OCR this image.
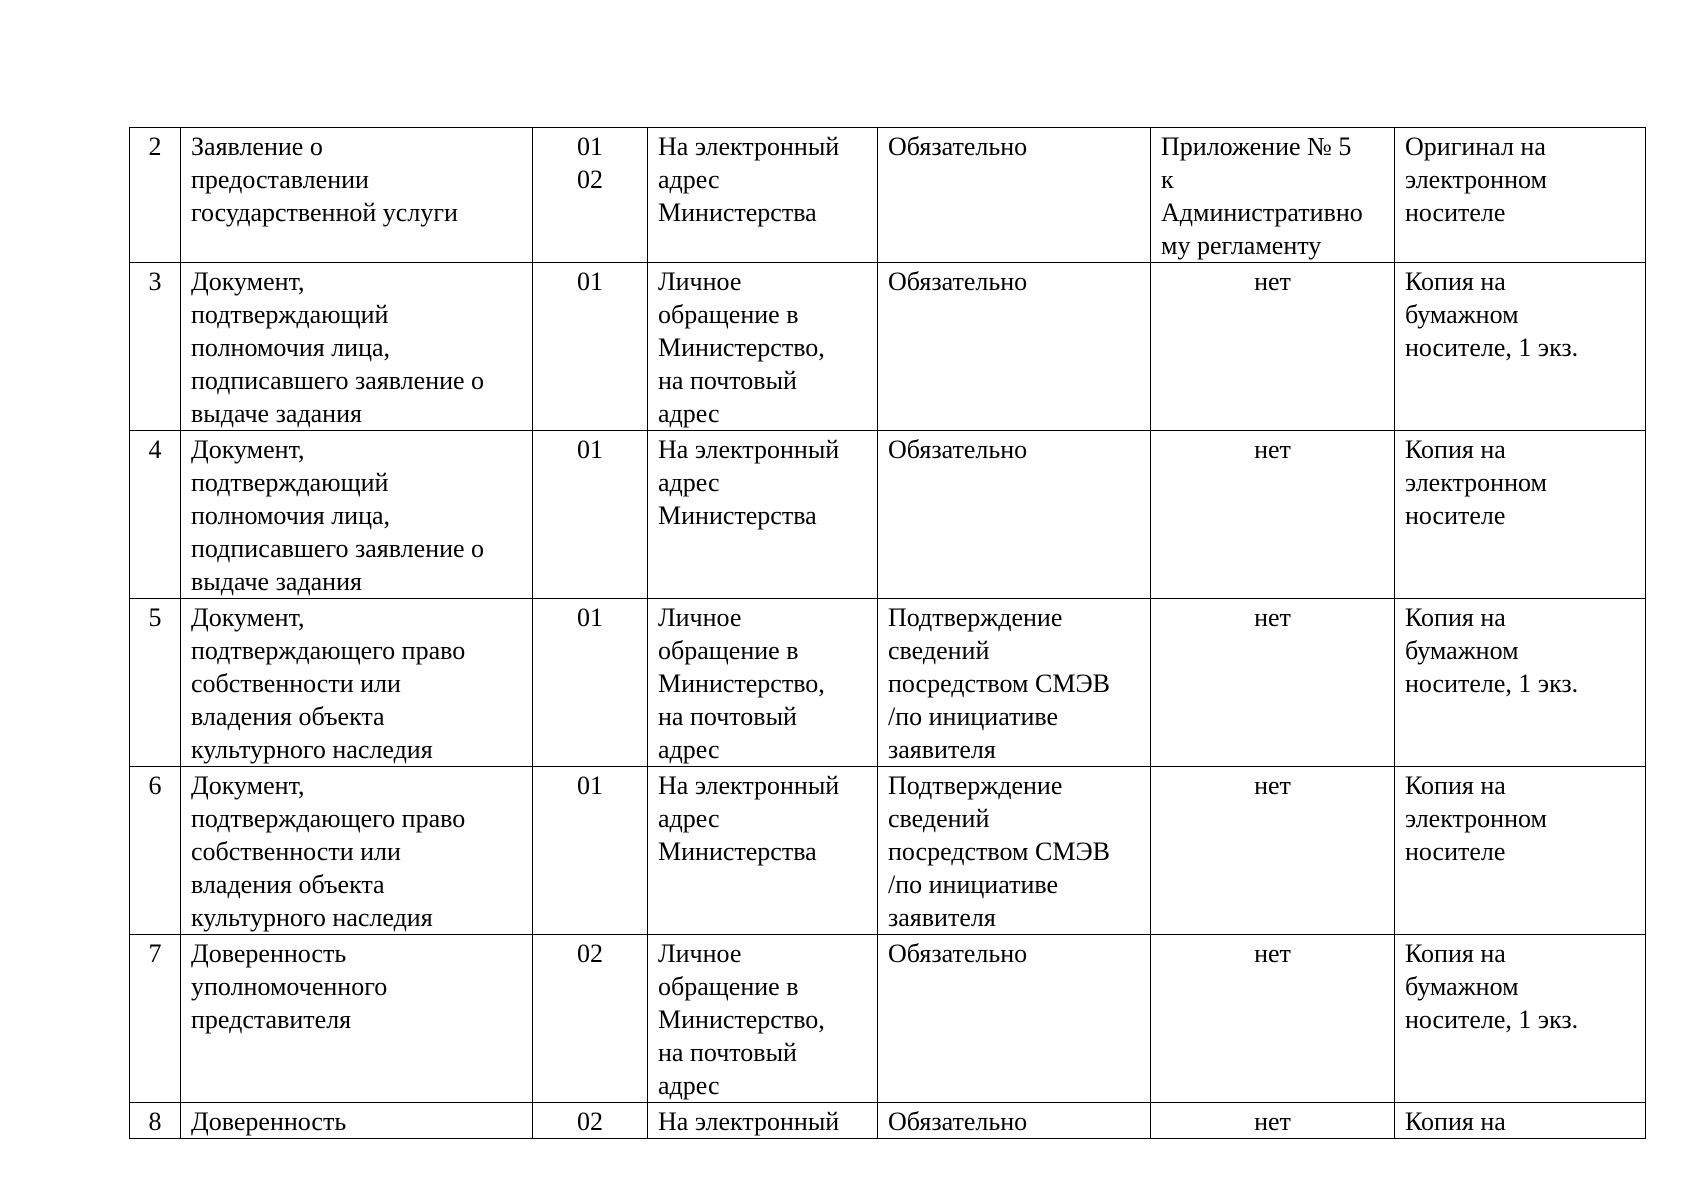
2	Заявление о
предоставлении
государственной услуги	01
02	На электронный
адрес
Министерства	Обязательно	Приложение № 5
к
Административно
му регламенту	Оригинал на
электронном
носителе
3	Документ,
подтверждающий
полномочия лица,
подписавшего заявление о
выдаче задания	01	Личное
обращение в
Министерство,
на почтовый
адрес	Обязательно	нет	Копия на
бумажном
носителе, 1 экз.
4	Документ,
подтверждающий
полномочия лица,
подписавшего заявление о
выдаче задания	01	На электронный
адрес
Министерства	Обязательно	нет	Копия на
электронном
носителе
5	Документ,
подтверждающего право
собственности или
владения объекта
культурного наследия	01	Личное
обращение в
Министерство,
на почтовый
адрес	Подтверждение
сведений
посредством СМЭВ
/по инициативе
заявителя	нет	Копия на
бумажном
носителе, 1 экз.
6	Документ,
подтверждающего право
собственности или
владения объекта
культурного наследия	01	На электронный
адрес
Министерства	Подтверждение
сведений
посредством СМЭВ
/по инициативе
заявителя	нет	Копия на
электронном
носителе
7	Доверенность
уполномоченного
представителя	02	Личное
обращение в
Министерство,
на почтовый
адрес	Обязательно	нет	Копия на
бумажном
носителе, 1 экз.
8	Доверенность	02	На электронный	Обязательно	нет	Копия на
